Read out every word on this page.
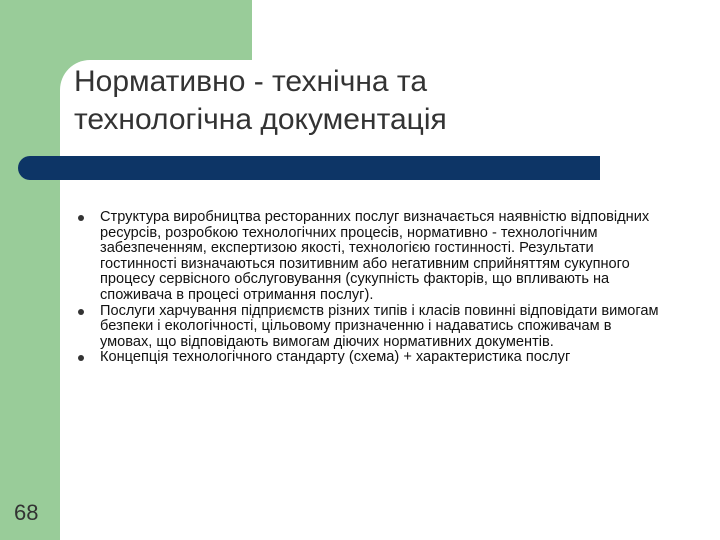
Нормативно - технічна та
технологічна документація
Структура виробництва ресторанних послуг визначається наявністю відповідних ресурсів, розробкою технологічних процесів, нормативно - технологічним забезпеченням, експертизою якості, технологією гостинності. Результати гостинності визначаються позитивним або негативним сприйняттям сукупного процесу сервісного обслуговування (сукупність факторів, що впливають на споживача в процесі отримання послуг).
Послуги харчування підприємств різних типів і класів повинні відповідати вимогам безпеки і екологічності, цільовому призначенню і надаватись споживачам в умовах, що відповідають вимогам діючих нормативних документів.
Концепція технологічного стандарту (схема) + характеристика послуг
68
